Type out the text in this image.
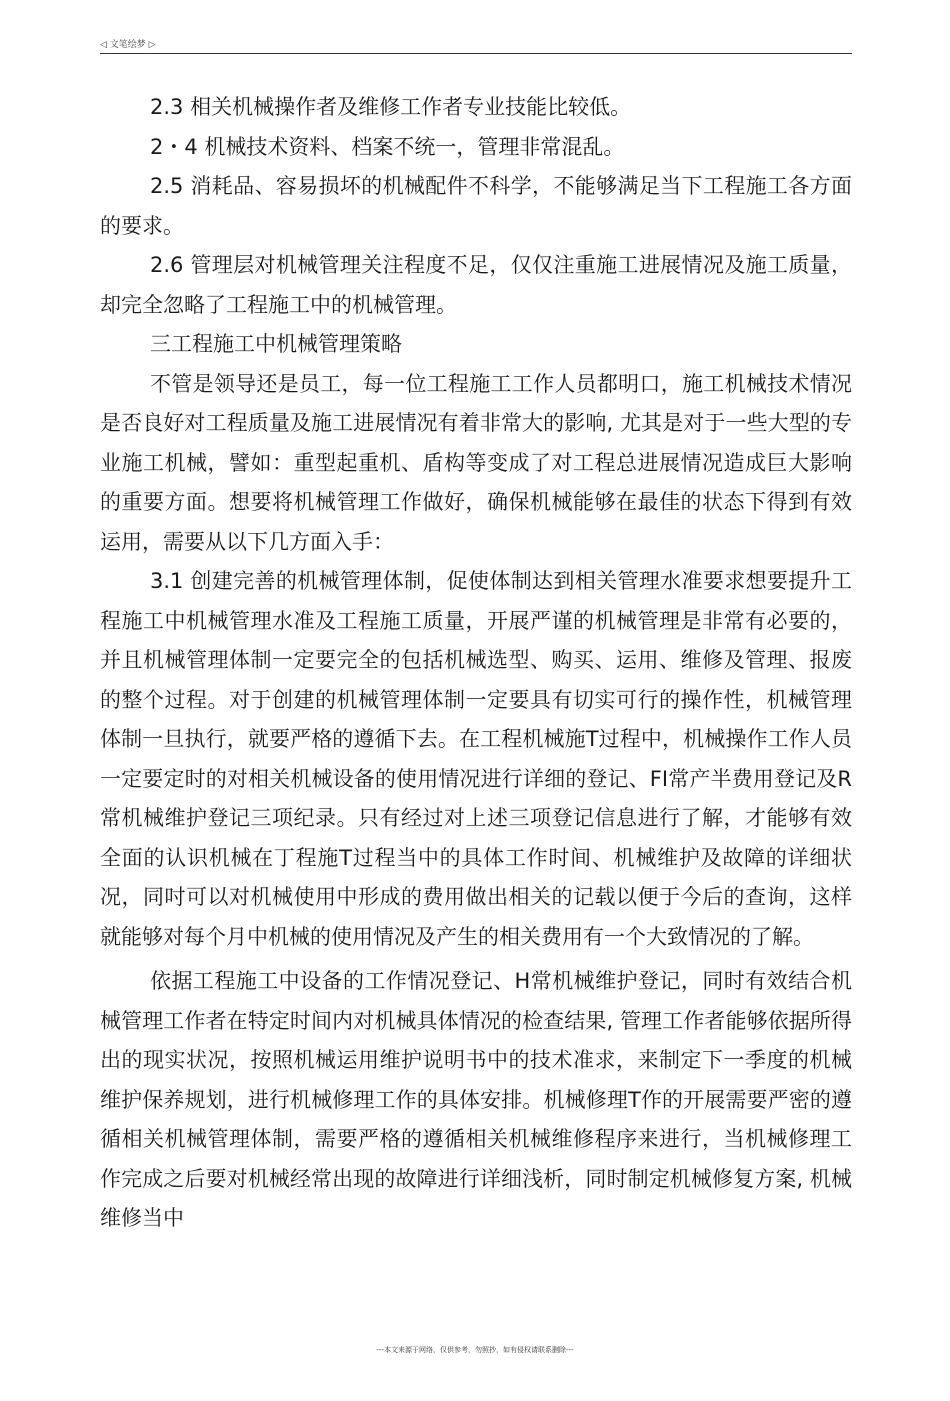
◁ 文笔绘梦 ▷

2.3 相关机械操作者及维修工作者专业技能比较低。

2・4 机械技术资料、档案不统一，管理非常混乱。

2.5 消耗品、容易损坏的机械配件不科学，不能够满足当下工程施工各方面的要求。

2.6 管理层对机械管理关注程度不足，仅仅注重施工进展情况及施工质量，却完全忽略了工程施工中的机械管理。

三工程施工中机械管理策略

不管是领导还是员工，每一位工程施工工作人员都明口，施工机械技术情况是否良好对工程质量及施工进展情况有着非常大的影响, 尤其是对于一些大型的专业施工机械，譬如：重型起重机、盾构等变成了对工程总进展情况造成巨大影响的重要方面。想要将机械管理工作做好，确保机械能够在最佳的状态下得到有效运用，需要从以下几方面入手：

3.1 创建完善的机械管理体制，促使体制达到相关管理水准要求想要提升工程施工中机械管理水准及工程施工质量，开展严谨的机械管理是非常有必要的，并且机械管理体制一定要完全的包括机械选型、购买、运用、维修及管理、报废的整个过程。对于创建的机械管理体制一定要具有切实可行的操作性，机械管理体制一旦执行，就要严格的遵循下去。在工程机械施T过程中，机械操作工作人员一定要定时的对相关机械设备的使用情况进行详细的登记、FI常产半费用登记及R常机械维护登记三项纪录。只有经过对上述三项登记信息进行了解，才能够有效全面的认识机械在丁程施T过程当中的具体工作时间、机械维护及故障的详细状况，同吋可以对机械使用中形成的费用做出相关的记载以便于今后的查询，这样就能够对每个月中机械的使用情况及产生的相关费用有一个大致情况的了解。

依据工程施工中设备的工作情况登记、H常机械维护登记，同时有效结合机械管理工作者在特定时间内对机械具体情况的检查结果, 管理工作者能够依据所得出的现实状况，按照机械运用维护说明书中的技术准求，来制定下一季度的机械维护保养规划，进行机械修理工作的具体安排。机械修理T作的开展需要严密的遵循相关机械管理体制，需要严格的遵循相关机械维修程序来进行，当机械修理工作完成之后要对机械经常出现的故障进行详细浅析，同时制定机械修复方案, 机械维修当中

---本文来源于网络，仅供参考，勿照抄，如有侵权请联系删除---
